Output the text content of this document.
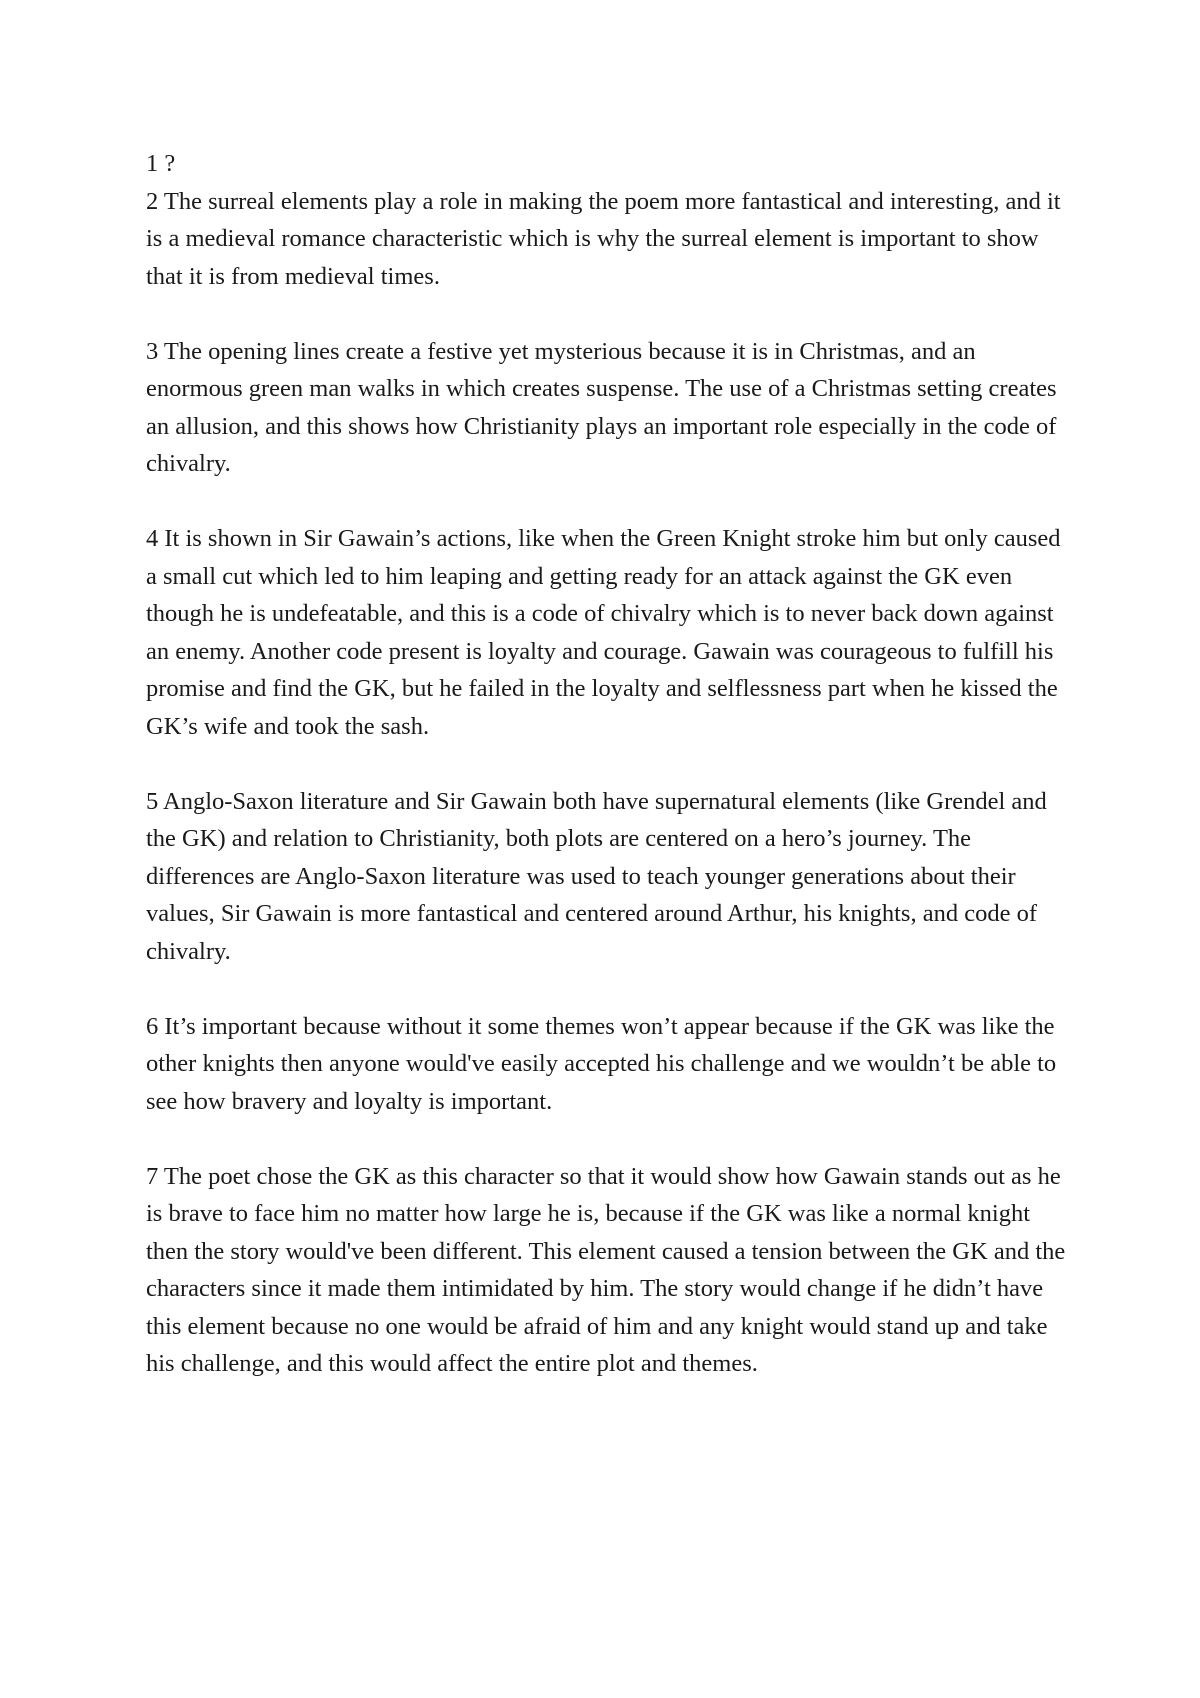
1 ?

2 The surreal elements play a role in making the poem more fantastical and interesting, and it is a medieval romance characteristic which is why the surreal element is important to show that it is from medieval times.

3 The opening lines create a festive yet mysterious because it is in Christmas, and an enormous green man walks in which creates suspense. The use of a Christmas setting creates an allusion, and this shows how Christianity plays an important role especially in the code of chivalry.

4 It is shown in Sir Gawain’s actions, like when the Green Knight stroke him but only caused a small cut which led to him leaping and getting ready for an attack against the GK even though he is undefeatable, and this is a code of chivalry which is to never back down against an enemy. Another code present is loyalty and courage. Gawain was courageous to fulfill his promise and find the GK, but he failed in the loyalty and selflessness part when he kissed the GK’s wife and took the sash.

5 Anglo-Saxon literature and Sir Gawain both have supernatural elements (like Grendel and the GK) and relation to Christianity, both plots are centered on a hero’s journey. The differences are Anglo-Saxon literature was used to teach younger generations about their values, Sir Gawain is more fantastical and centered around Arthur, his knights, and code of chivalry.

6 It’s important because without it some themes won’t appear because if the GK was like the other knights then anyone would've easily accepted his challenge and we wouldn’t be able to see how bravery and loyalty is important.

7 The poet chose the GK as this character so that it would show how Gawain stands out as he is brave to face him no matter how large he is, because if the GK was like a normal knight then the story would've been different. This element caused a tension between the GK and the characters since it made them intimidated by him. The story would change if he didn’t have this element because no one would be afraid of him and any knight would stand up and take his challenge, and this would affect the entire plot and themes.
